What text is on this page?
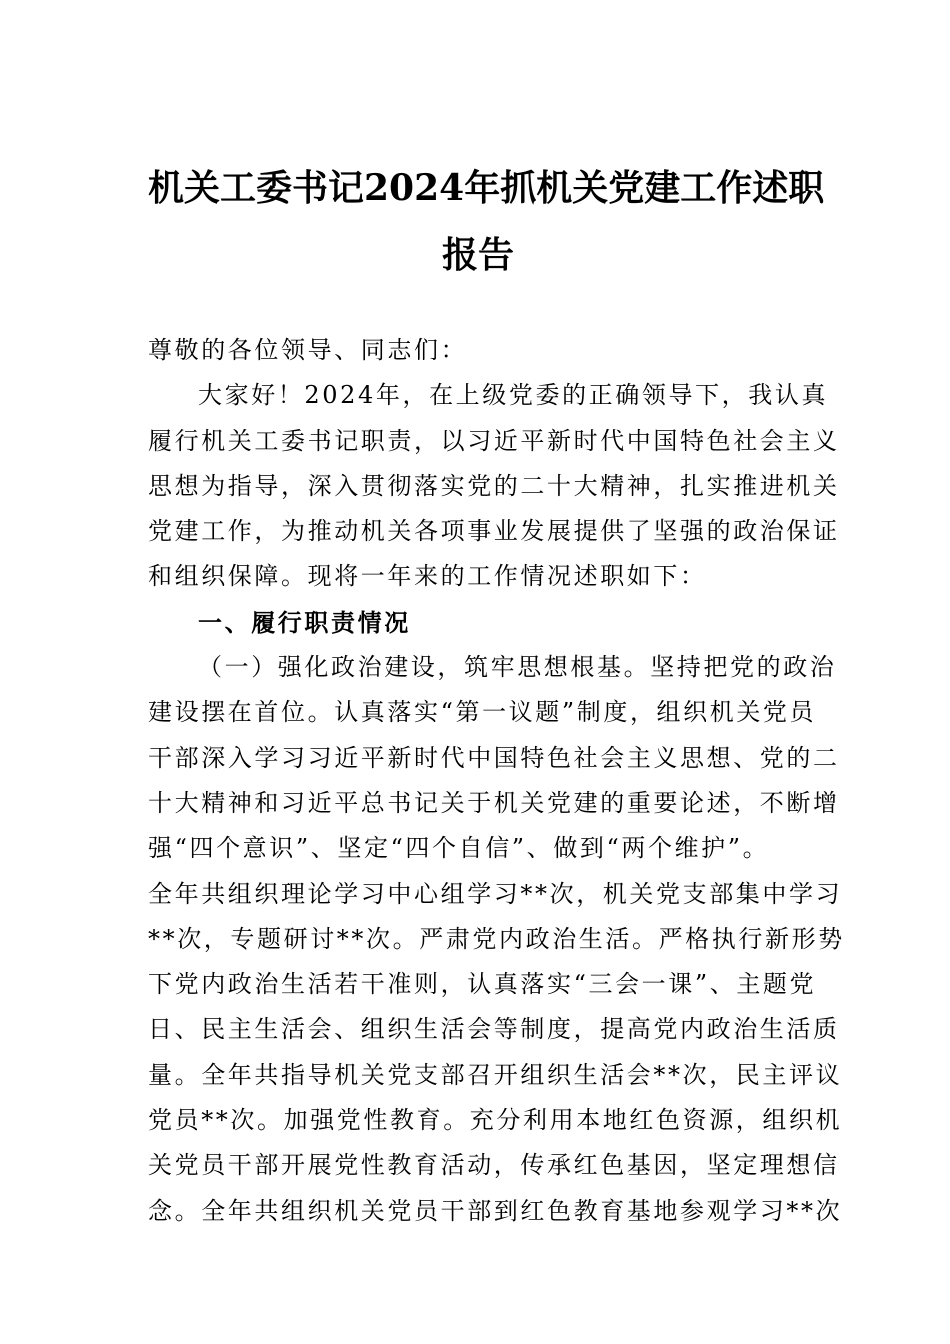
机关工委书记2024年抓机关党建工作述职
报告
尊敬的各位领导、同志们：
大家好！2024年，在上级党委的正确领导下，我认真
履行机关工委书记职责，以习近平新时代中国特色社会主义
思想为指导，深入贯彻落实党的二十大精神，扎实推进机关
党建工作，为推动机关各项事业发展提供了坚强的政治保证
和组织保障。现将一年来的工作情况述职如下：
一、履行职责情况
（一）强化政治建设，筑牢思想根基。坚持把党的政治
建设摆在首位。认真落实“第一议题”制度，组织机关党员
干部深入学习习近平新时代中国特色社会主义思想、党的二
十大精神和习近平总书记关于机关党建的重要论述，不断增
强“四个意识”、坚定“四个自信”、做到“两个维护”。
全年共组织理论学习中心组学习**次，机关党支部集中学习
**次，专题研讨**次。严肃党内政治生活。严格执行新形势
下党内政治生活若干准则，认真落实“三会一课”、主题党
日、民主生活会、组织生活会等制度，提高党内政治生活质
量。全年共指导机关党支部召开组织生活会**次，民主评议
党员**次。加强党性教育。充分利用本地红色资源，组织机
关党员干部开展党性教育活动，传承红色基因，坚定理想信
念。全年共组织机关党员干部到红色教育基地参观学习**次
